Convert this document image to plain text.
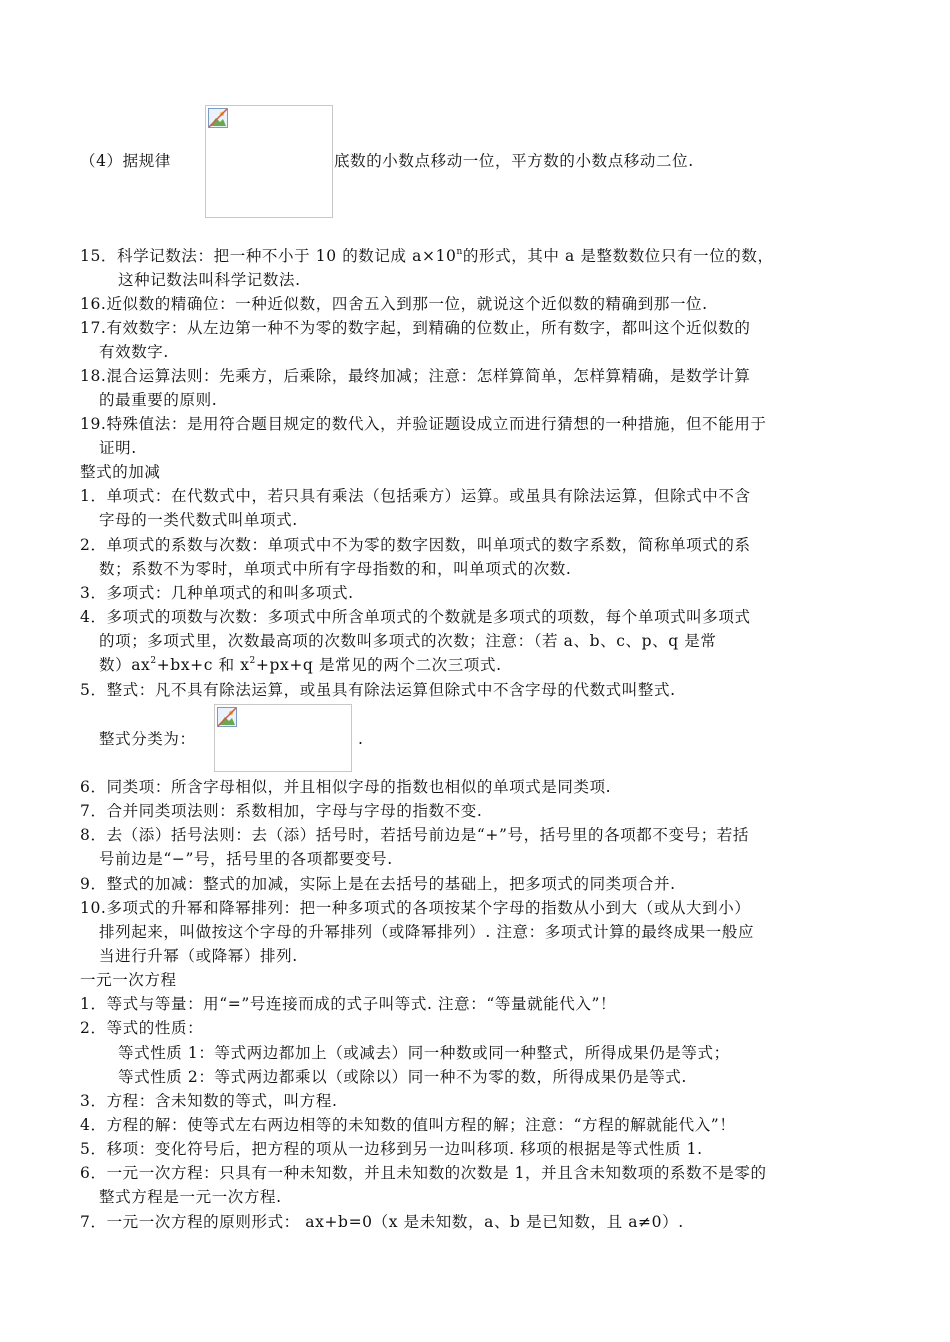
（4）据规律	底数的小数点移动一位，平方数的小数点移动二位.
15．科学记数法：把一种不小于 10 的数记成 $a\times 10^n$的形式，其中 a 是整数数位只有一位的数，
这种记数法叫科学记数法.
16.近似数的精确位：一种近似数，四舍五入到那一位，就说这个近似数的精确到那一位.
17.有效数字：从左边第一种不为零的数字起，到精确的位数止，所有数字，都叫这个近似数的
有效数字.
18.混合运算法则：先乘方，后乘除，最终加减；注意：怎样算简单，怎样算精确，是数学计算
的最重要的原则.
19.特殊值法：是用符合题目规定的数代入，并验证题设成立而进行猜想的一种措施，但不能用于
证明.
整式的加减
1．单项式：在代数式中，若只具有乘法（包括乘方）运算。或虽具有除法运算，但除式中不含
字母的一类代数式叫单项式.
2．单项式的系数与次数：单项式中不为零的数字因数，叫单项式的数字系数，简称单项式的系
数；系数不为零时，单项式中所有字母指数的和，叫单项式的次数.
3．多项式：几种单项式的和叫多项式.
4．多项式的项数与次数：多项式中所含单项式的个数就是多项式的项数，每个单项式叫多项式
的项；多项式里，次数最高项的次数叫多项式的次数；注意：（若 a、b、c、p、q 是常
数）$ax^2+bx+c$ 和 $x^2+px+q$ 是常见的两个二次三项式.
5．整式：凡不具有除法运算，或虽具有除法运算但除式中不含字母的代数式叫整式.
整式分类为：	.
6．同类项：所含字母相似，并且相似字母的指数也相似的单项式是同类项.
7．合并同类项法则：系数相加，字母与字母的指数不变.
8．去（添）括号法则：去（添）括号时，若括号前边是“+”号，括号里的各项都不变号；若括
号前边是“−”号，括号里的各项都要变号.
9．整式的加减：整式的加减，实际上是在去括号的基础上，把多项式的同类项合并.
10.多项式的升幂和降幂排列：把一种多项式的各项按某个字母的指数从小到大（或从大到小）
排列起来，叫做按这个字母的升幂排列（或降幂排列）. 注意：多项式计算的最终成果一般应
当进行升幂（或降幂）排列.
一元一次方程
1．等式与等量：用“=”号连接而成的式子叫等式. 注意：“等量就能代入”！
2．等式的性质：
等式性质 1：等式两边都加上（或减去）同一种数或同一种整式，所得成果仍是等式；
等式性质 2：等式两边都乘以（或除以）同一种不为零的数，所得成果仍是等式.
3．方程：含未知数的等式，叫方程.
4．方程的解：使等式左右两边相等的未知数的值叫方程的解；注意：“方程的解就能代入”！
5．移项：变化符号后，把方程的项从一边移到另一边叫移项. 移项的根据是等式性质 1.
6．一元一次方程：只具有一种未知数，并且未知数的次数是 1，并且含未知数项的系数不是零的
整式方程是一元一次方程.
7．一元一次方程的原则形式： ax+b=0（x 是未知数，a、b 是已知数，且 a≠0）.
